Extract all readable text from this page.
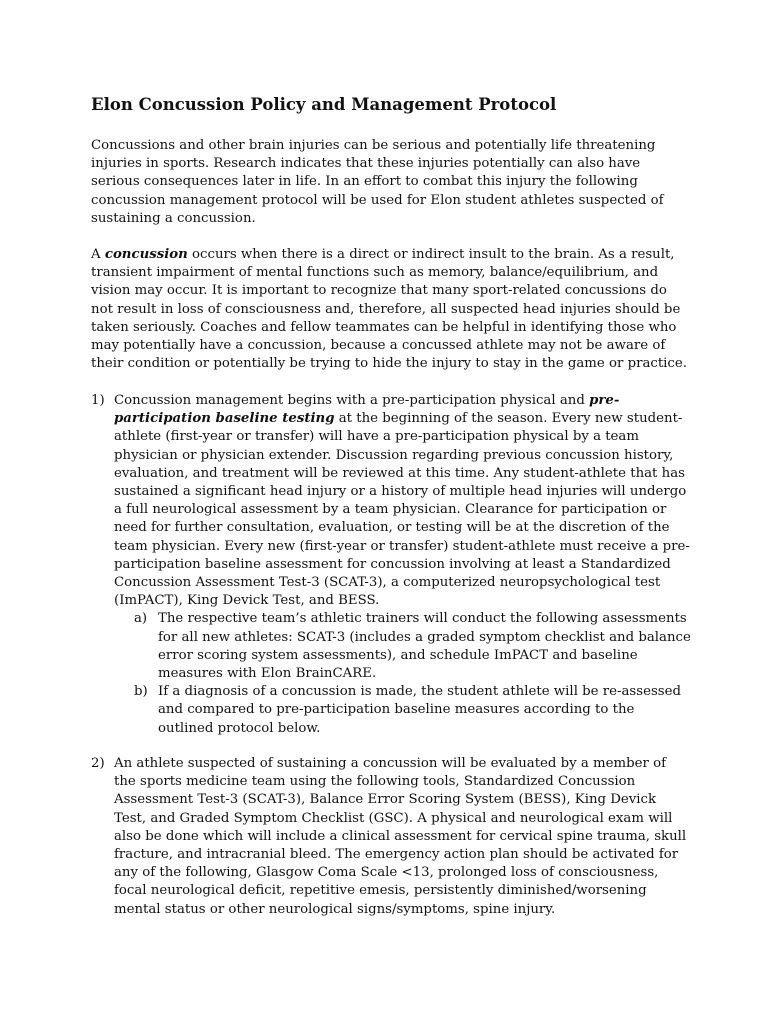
Elon Concussion Policy and Management Protocol

Concussions and other brain injuries can be serious and potentially life threatening injuries in sports. Research indicates that these injuries potentially can also have serious consequences later in life. In an effort to combat this injury the following concussion management protocol will be used for Elon student athletes suspected of sustaining a concussion.

A concussion occurs when there is a direct or indirect insult to the brain. As a result, transient impairment of mental functions such as memory, balance/equilibrium, and vision may occur. It is important to recognize that many sport-related concussions do not result in loss of consciousness and, therefore, all suspected head injuries should be taken seriously. Coaches and fellow teammates can be helpful in identifying those who may potentially have a concussion, because a concussed athlete may not be aware of their condition or potentially be trying to hide the injury to stay in the game or practice.

1) Concussion management begins with a pre-participation physical and pre-participation baseline testing at the beginning of the season. Every new student-athlete (first-year or transfer) will have a pre-participation physical by a team physician or physician extender. Discussion regarding previous concussion history, evaluation, and treatment will be reviewed at this time. Any student-athlete that has sustained a significant head injury or a history of multiple head injuries will undergo a full neurological assessment by a team physician. Clearance for participation or need for further consultation, evaluation, or testing will be at the discretion of the team physician. Every new (first-year or transfer) student-athlete must receive a pre-participation baseline assessment for concussion involving at least a Standardized Concussion Assessment Test-3 (SCAT-3), a computerized neuropsychological test (ImPACT), King Devick Test, and BESS.
a) The respective team’s athletic trainers will conduct the following assessments for all new athletes: SCAT-3 (includes a graded symptom checklist and balance error scoring system assessments), and schedule ImPACT and baseline measures with Elon BrainCARE.
b) If a diagnosis of a concussion is made, the student athlete will be re-assessed and compared to pre-participation baseline measures according to the outlined protocol below.
2) An athlete suspected of sustaining a concussion will be evaluated by a member of the sports medicine team using the following tools, Standardized Concussion Assessment Test-3 (SCAT-3), Balance Error Scoring System (BESS), King Devick Test, and Graded Symptom Checklist (GSC). A physical and neurological exam will also be done which will include a clinical assessment for cervical spine trauma, skull fracture, and intracranial bleed. The emergency action plan should be activated for any of the following, Glasgow Coma Scale <13, prolonged loss of consciousness, focal neurological deficit, repetitive emesis, persistently diminished/worsening mental status or other neurological signs/symptoms, spine injury.
